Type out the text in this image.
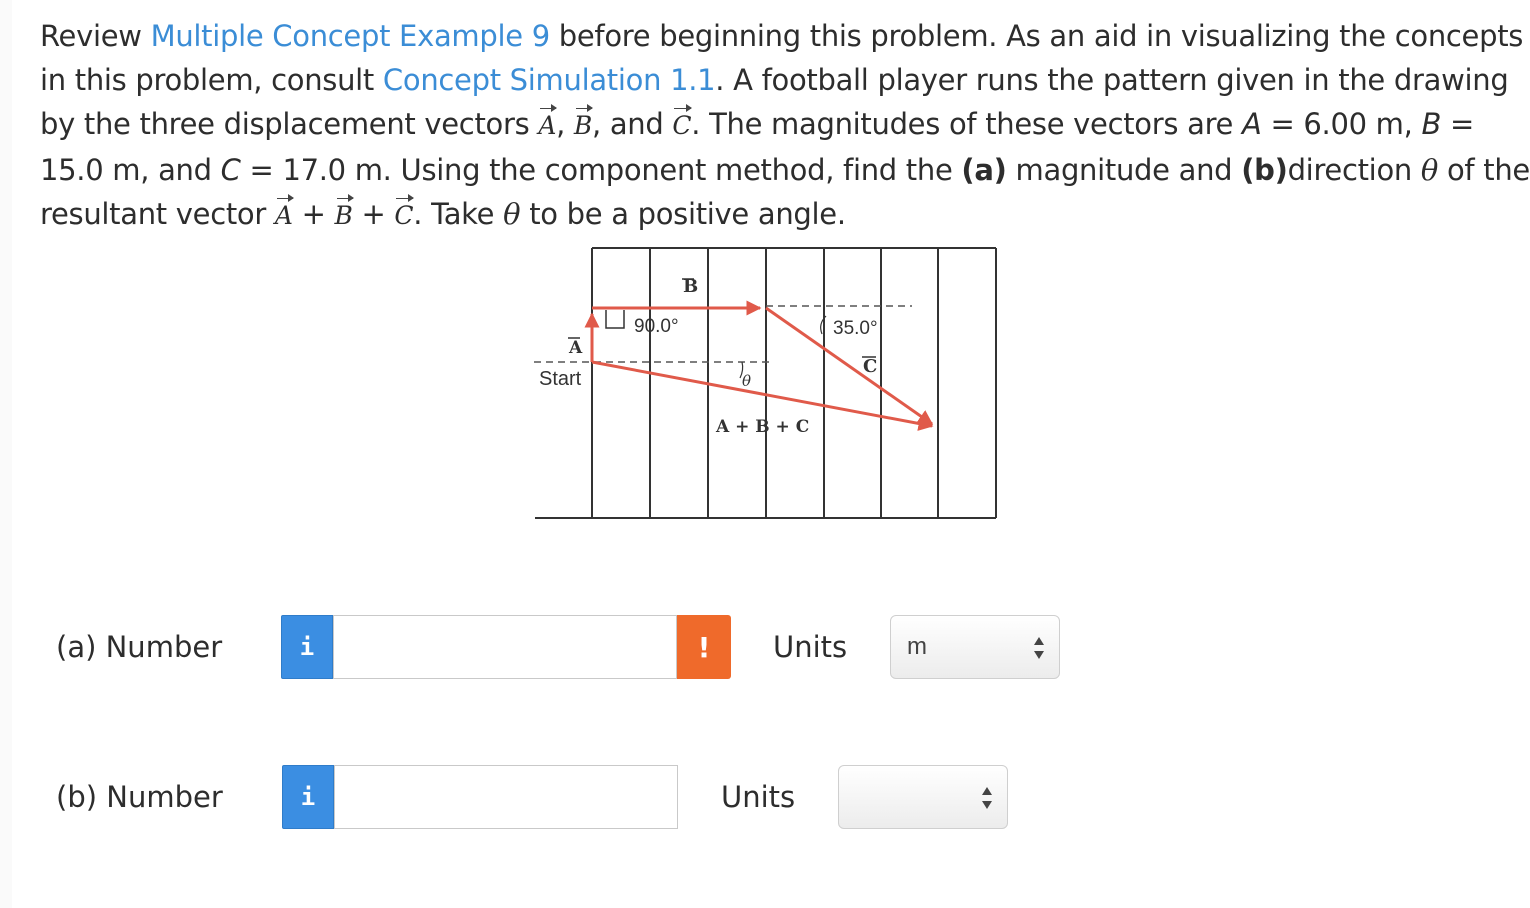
Review Multiple Concept Example 9 before beginning this problem. As an aid in visualizing the concepts
in this problem, consult Concept Simulation 1.1. A football player runs the pattern given in the drawing
by the three displacement vectors A, B, and C. The magnitudes of these vectors are A = 6.00 m, B =
15.0 m, and C = 17.0 m. Using the component method, find the (a) magnitude and (b)direction θ of the
resultant vector A + B + C. Take θ to be a positive angle.
B
90.0°	35.0°
A
C
Start	θ
A + B + C
(a) Number	i	!	Units m
(b) Number	i	Units
